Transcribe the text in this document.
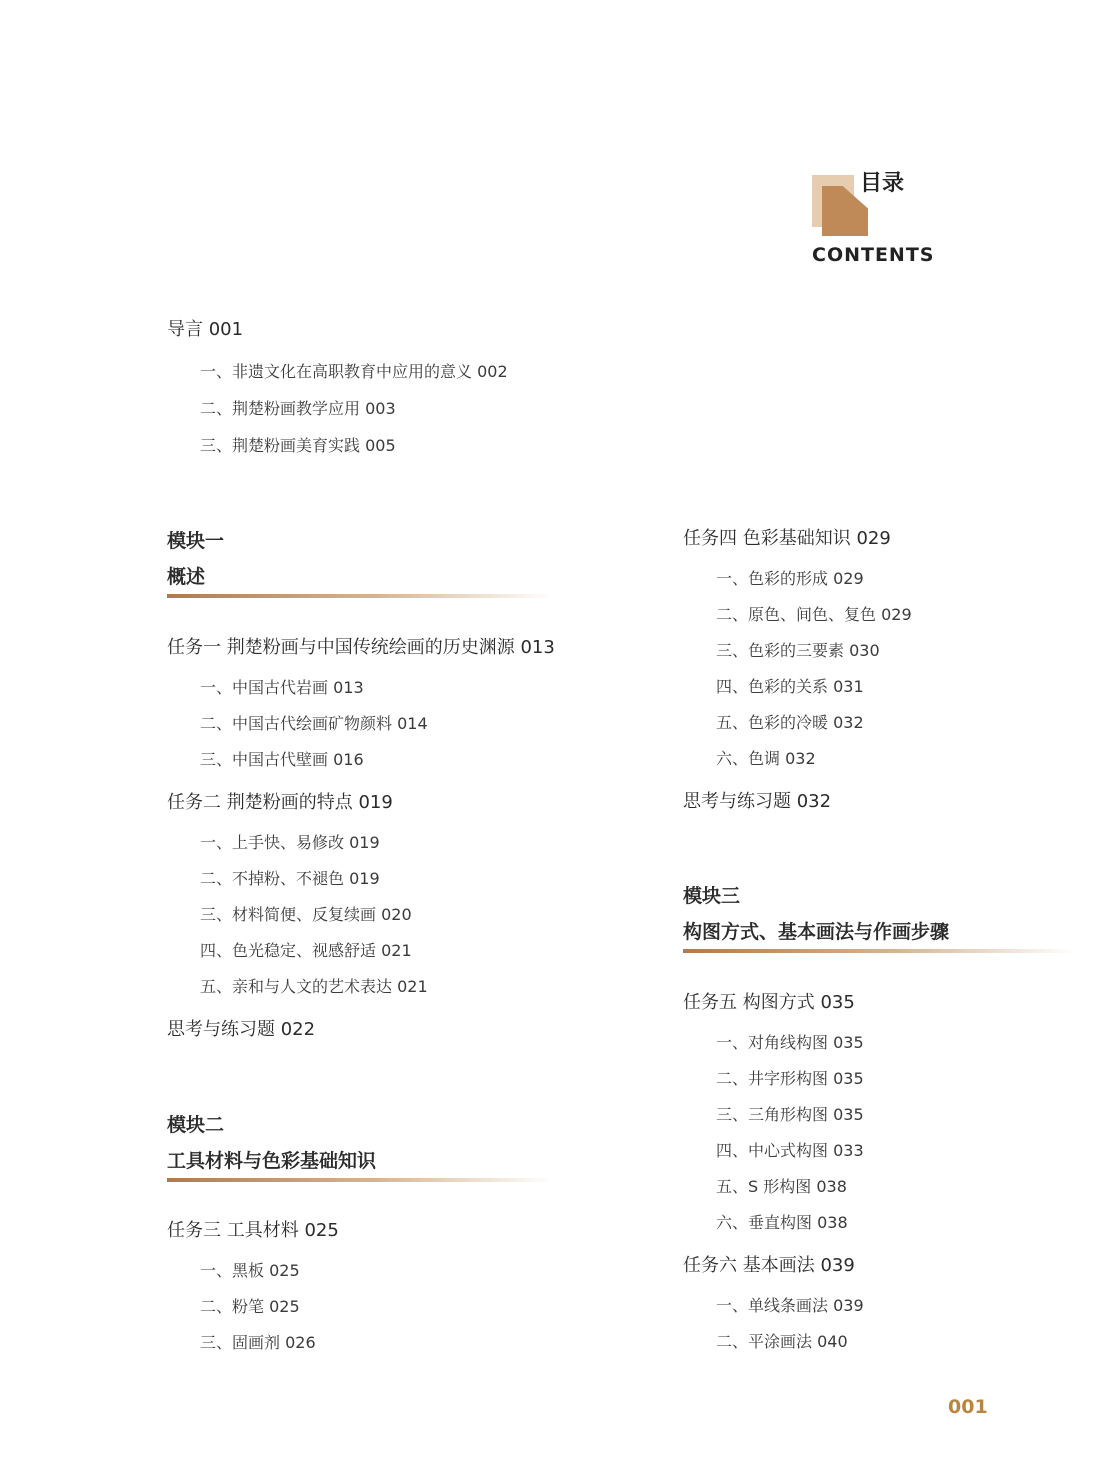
目录
CONTENTS
导言 001
一、非遗文化在高职教育中应用的意义 002
二、荆楚粉画教学应用 003
三、荆楚粉画美育实践 005
模块一
概述
任务一 荆楚粉画与中国传统绘画的历史渊源 013
一、中国古代岩画 013
二、中国古代绘画矿物颜料 014
三、中国古代壁画 016
任务二 荆楚粉画的特点 019
一、上手快、易修改 019
二、不掉粉、不褪色 019
三、材料简便、反复续画 020
四、色光稳定、视感舒适 021
五、亲和与人文的艺术表达 021
思考与练习题 022
模块二
工具材料与色彩基础知识
任务三 工具材料 025
一、黑板 025
二、粉笔 025
三、固画剂 026
任务四 色彩基础知识 029
一、色彩的形成 029
二、原色、间色、复色 029
三、色彩的三要素 030
四、色彩的关系 031
五、色彩的冷暖 032
六、色调 032
思考与练习题 032
模块三
构图方式、基本画法与作画步骤
任务五 构图方式 035
一、对角线构图 035
二、井字形构图 035
三、三角形构图 035
四、中心式构图 033
五、S 形构图 038
六、垂直构图 038
任务六 基本画法 039
一、单线条画法 039
二、平涂画法 040
001
